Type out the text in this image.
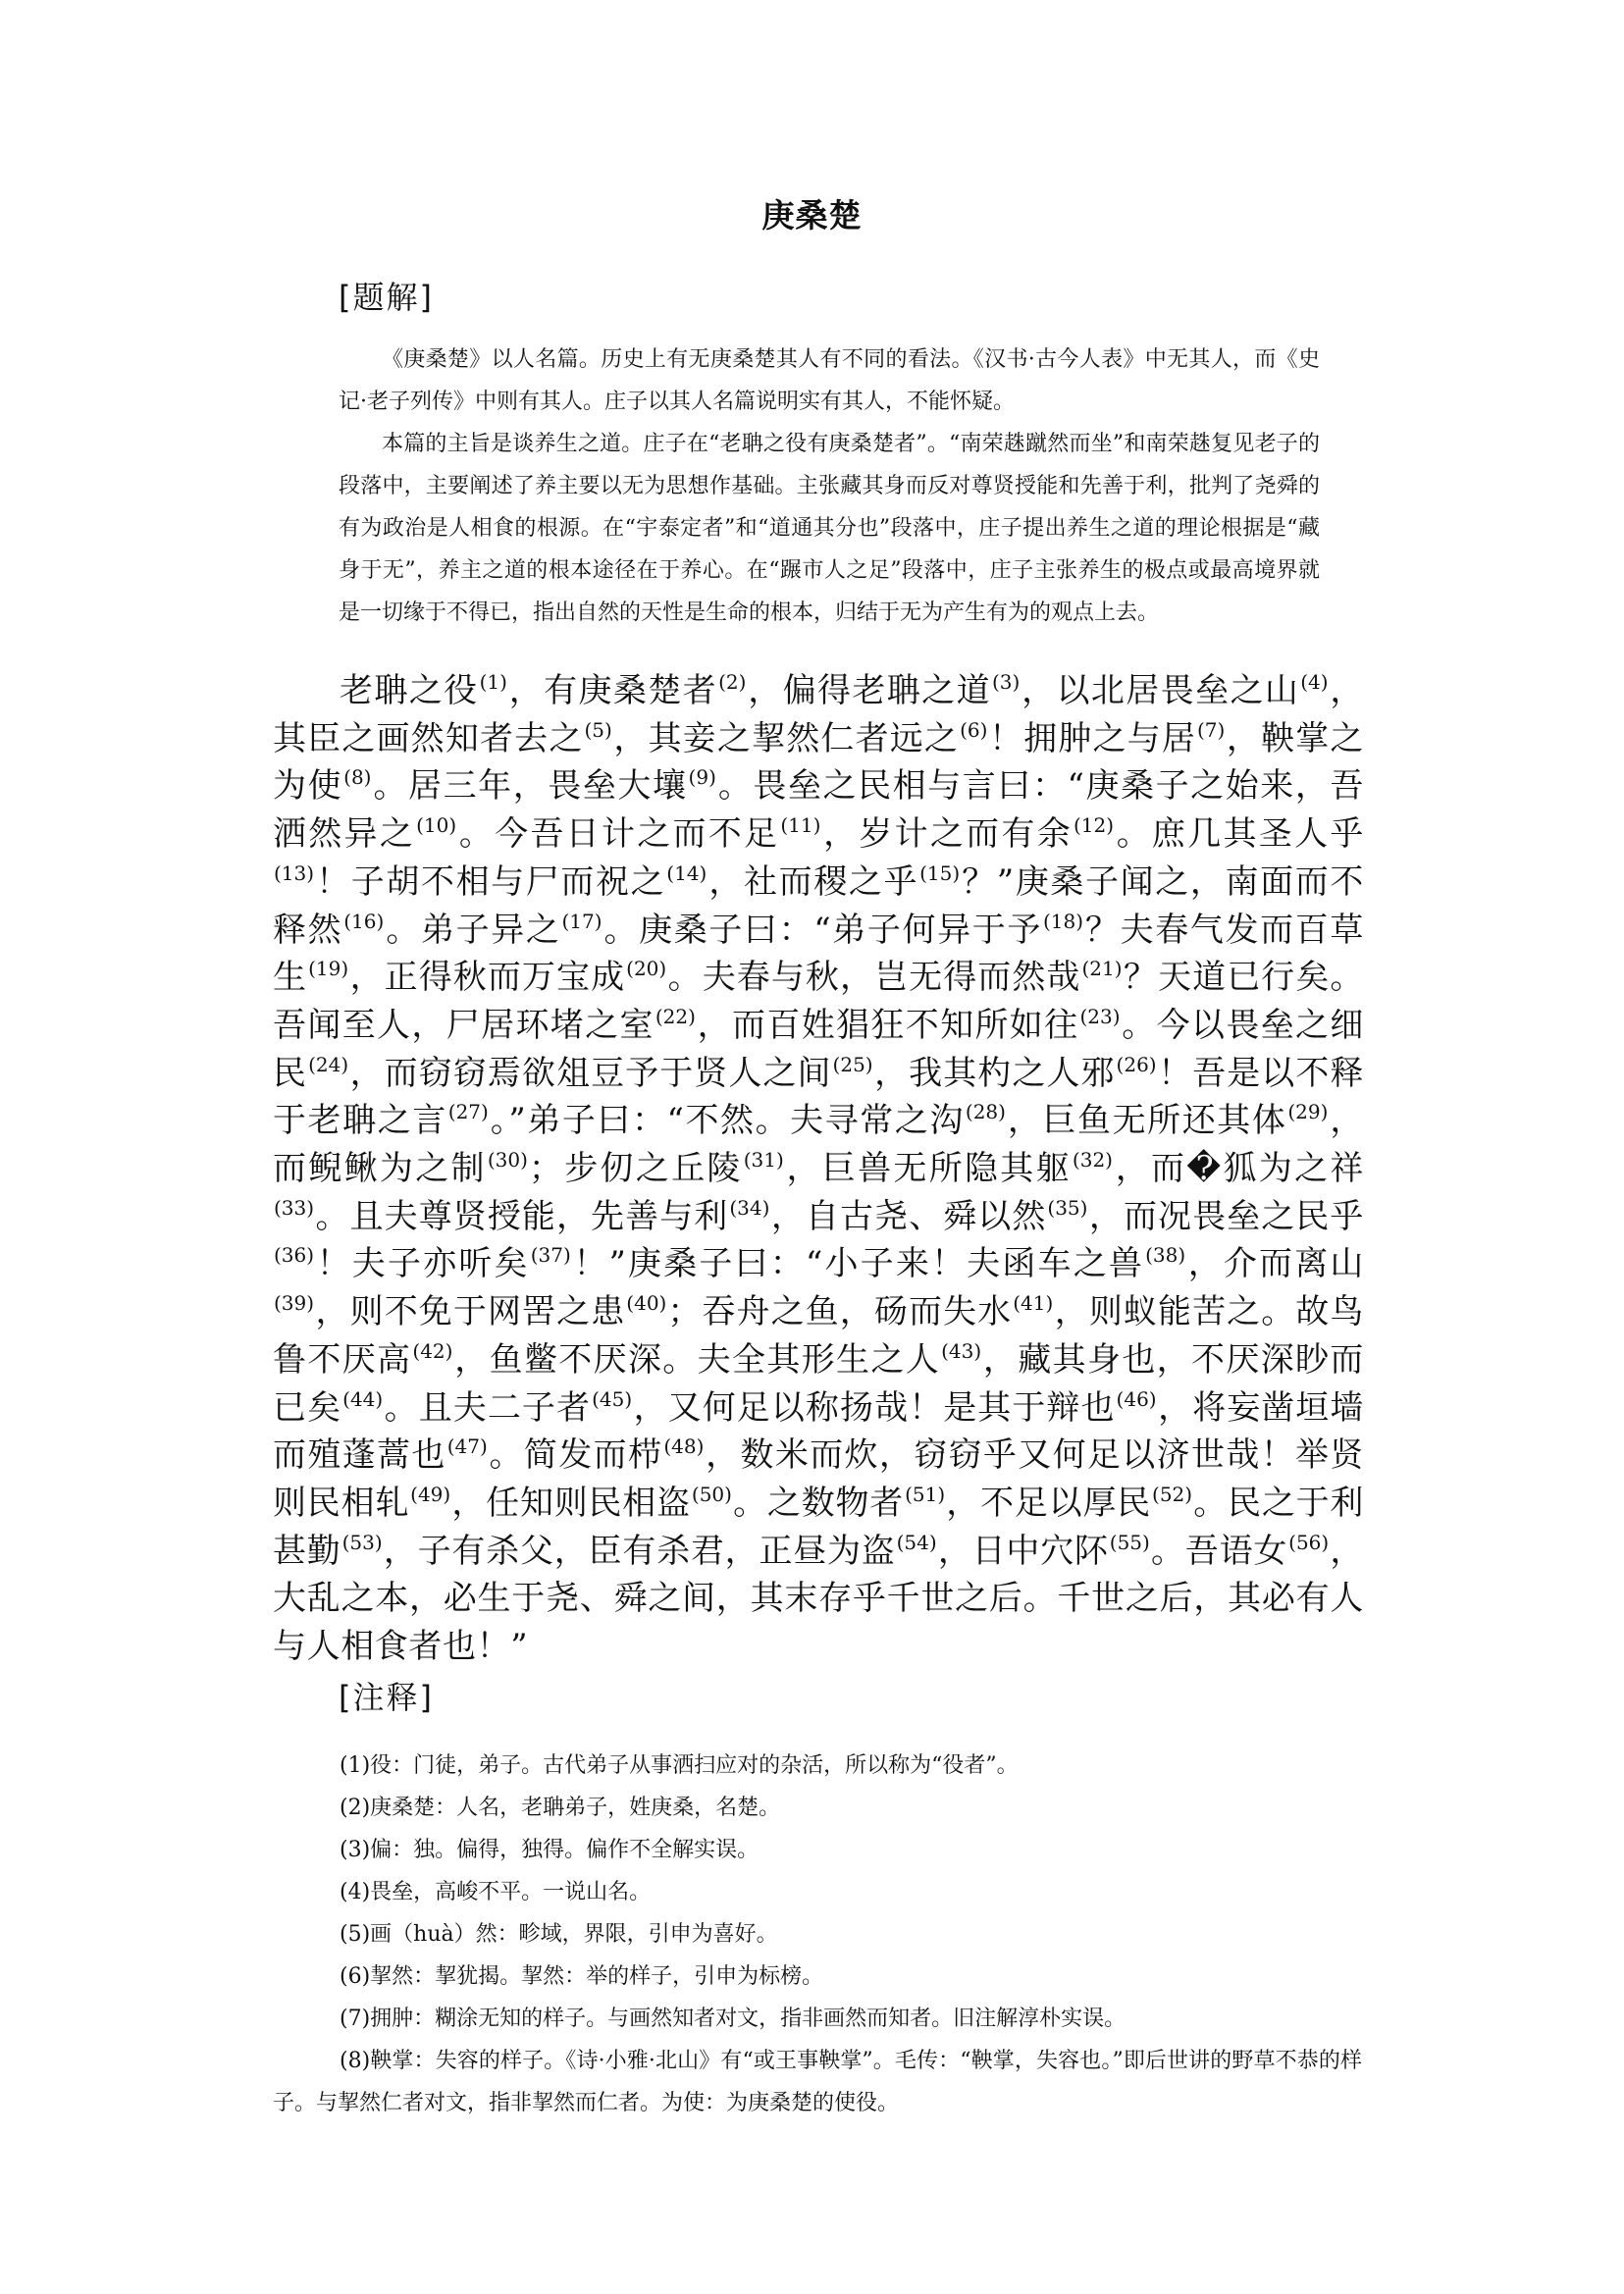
庚桑楚
[题解]

《庚桑楚》以人名篇。历史上有无庚桑楚其人有不同的看法。《汉书·古今人表》中无其人，而《史记·老子列传》中则有其人。庄子以其人名篇说明实有其人，不能怀疑。

本篇的主旨是谈养生之道。庄子在“老聃之役有庚桑楚者”。“南荣趎蹴然而坐”和南荣趎复见老子的段落中，主要阐述了养主要以无为思想作基础。主张藏其身而反对尊贤授能和先善于利，批判了尧舜的有为政治是人相食的根源。在“宇泰定者”和“道通其分也”段落中，庄子提出养生之道的理论根据是“藏身于无”，养主之道的根本途径在于养心。在“蹍市人之足”段落中，庄子主张养生的极点或最高境界就是一切缘于不得已，指出自然的天性是生命的根本，归结于无为产生有为的观点上去。

老聃之役$^{(1)}$，有庚桑楚者$^{(2)}$，偏得老聃之道$^{(3)}$，以北居畏垒之山$^{(4)}$，其臣之画然知者去之$^{(5)}$，其妾之挈然仁者远之$^{(6)}$！拥肿之与居$^{(7)}$，鞅掌之为使$^{(8)}$。居三年，畏垒大壤$^{(9)}$。畏垒之民相与言曰：“庚桑子之始来，吾洒然异之$^{(10)}$。今吾日计之而不足$^{(11)}$，岁计之而有余$^{(12)}$。庶几其圣人乎$^{(13)}$！子胡不相与尸而祝之$^{(14)}$，社而稷之乎$^{(15)}$？”庚桑子闻之，南面而不释然$^{(16)}$。弟子异之$^{(17)}$。庚桑子曰：“弟子何异于予$^{(18)}$？夫春气发而百草生$^{(19)}$，正得秋而万宝成$^{(20)}$。夫春与秋，岂无得而然哉$^{(21)}$？天道已行矣。吾闻至人，尸居环堵之室$^{(22)}$，而百姓猖狂不知所如往$^{(23)}$。今以畏垒之细民$^{(24)}$，而窃窃焉欲俎豆予于贤人之间$^{(25)}$，我其杓之人邪$^{(26)}$！吾是以不释于老聃之言$^{(27)}$。”弟子曰：“不然。夫寻常之沟$^{(28)}$，巨鱼无所还其体$^{(29)}$，而鲵鳅为之制$^{(30)}$；步仞之丘陵$^{(31)}$，巨兽无所隐其躯$^{(32)}$，而�狐为之祥$^{(33)}$。且夫尊贤授能，先善与利$^{(34)}$，自古尧、舜以然$^{(35)}$，而况畏垒之民乎$^{(36)}$！夫子亦听矣$^{(37)}$！”庚桑子曰：“小子来！夫函车之兽$^{(38)}$，介而离山$^{(39)}$，则不免于网罟之患$^{(40)}$；吞舟之鱼，砀而失水$^{(41)}$，则蚁能苦之。故鸟鲁不厌高$^{(42)}$，鱼鳖不厌深。夫全其形生之人$^{(43)}$，藏其身也，不厌深眇而已矣$^{(44)}$。且夫二子者$^{(45)}$，又何足以称扬哉！是其于辩也$^{(46)}$，将妄凿垣墙而殖蓬蒿也$^{(47)}$。简发而栉$^{(48)}$，数米而炊，窃窃乎又何足以济世哉！举贤则民相轧$^{(49)}$，任知则民相盗$^{(50)}$。之数物者$^{(51)}$，不足以厚民$^{(52)}$。民之于利甚勤$^{(53)}$，子有杀父，臣有杀君，正昼为盗$^{(54)}$，日中穴阫$^{(55)}$。吾语女$^{(56)}$，大乱之本，必生于尧、舜之间，其末存乎千世之后。千世之后，其必有人与人相食者也！”

[注释]

(1)役：门徒，弟子。古代弟子从事洒扫应对的杂活，所以称为“役者”。

(2)庚桑楚：人名，老聃弟子，姓庚桑，名楚。

(3)偏：独。偏得，独得。偏作不全解实误。

(4)畏垒，高峻不平。一说山名。

(5)画（huà）然：畛域，界限，引申为喜好。

(6)挈然：挈犹揭。挈然：举的样子，引申为标榜。

(7)拥肿：糊涂无知的样子。与画然知者对文，指非画然而知者。旧注解淳朴实误。

(8)鞅掌：失容的样子。《诗·小雅·北山》有“或王事鞅掌”。毛传：“鞅掌，失容也。”即后世讲的野草不恭的样子。与挈然仁者对文，指非挈然而仁者。为使：为庚桑楚的使役。
